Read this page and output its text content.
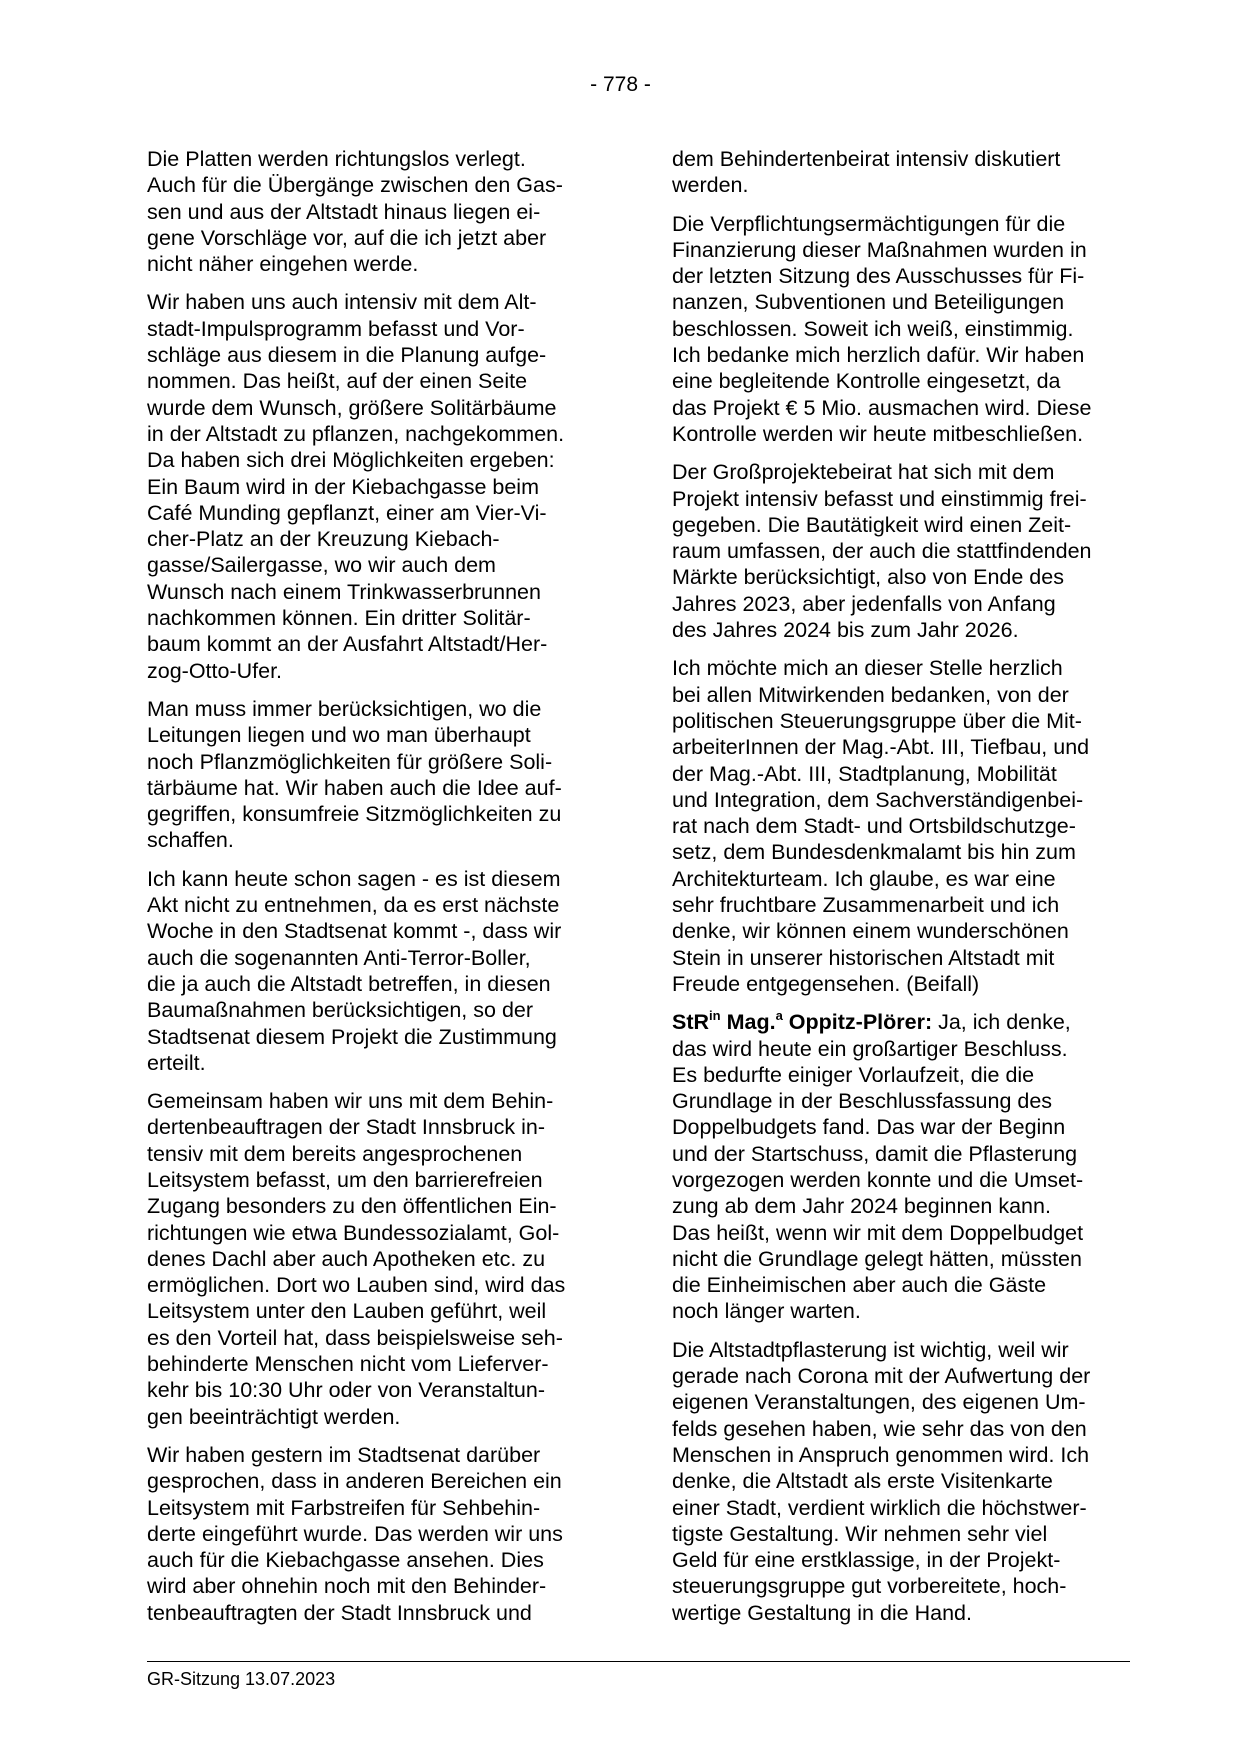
- 778 -

Die Platten werden richtungslos verlegt.
Auch für die Übergänge zwischen den Gas-
sen und aus der Altstadt hinaus liegen ei-
gene Vorschläge vor, auf die ich jetzt aber
nicht näher eingehen werde.

Wir haben uns auch intensiv mit dem Alt-
stadt-Impulsprogramm befasst und Vor-
schläge aus diesem in die Planung aufge-
nommen. Das heißt, auf der einen Seite
wurde dem Wunsch, größere Solitärbäume
in der Altstadt zu pflanzen, nachgekommen.
Da haben sich drei Möglichkeiten ergeben:
Ein Baum wird in der Kiebachgasse beim
Café Munding gepflanzt, einer am Vier-Vi-
cher-Platz an der Kreuzung Kiebach-
gasse/Sailergasse, wo wir auch dem
Wunsch nach einem Trinkwasserbrunnen
nachkommen können. Ein dritter Solitär-
baum kommt an der Ausfahrt Altstadt/Her-
zog-Otto-Ufer.

Man muss immer berücksichtigen, wo die
Leitungen liegen und wo man überhaupt
noch Pflanzmöglichkeiten für größere Soli-
tärbäume hat. Wir haben auch die Idee auf-
gegriffen, konsumfreie Sitzmöglichkeiten zu
schaffen.

Ich kann heute schon sagen - es ist diesem
Akt nicht zu entnehmen, da es erst nächste
Woche in den Stadtsenat kommt -, dass wir
auch die sogenannten Anti-Terror-Boller,
die ja auch die Altstadt betreffen, in diesen
Baumaßnahmen berücksichtigen, so der
Stadtsenat diesem Projekt die Zustimmung
erteilt.

Gemeinsam haben wir uns mit dem Behin-
dertenbeauftragen der Stadt Innsbruck in-
tensiv mit dem bereits angesprochenen
Leitsystem befasst, um den barrierefreien
Zugang besonders zu den öffentlichen Ein-
richtungen wie etwa Bundessozialamt, Gol-
denes Dachl aber auch Apotheken etc. zu
ermöglichen. Dort wo Lauben sind, wird das
Leitsystem unter den Lauben geführt, weil
es den Vorteil hat, dass beispielsweise seh-
behinderte Menschen nicht vom Lieferver-
kehr bis 10:30 Uhr oder von Veranstaltun-
gen beeinträchtigt werden.

Wir haben gestern im Stadtsenat darüber
gesprochen, dass in anderen Bereichen ein
Leitsystem mit Farbstreifen für Sehbehin-
derte eingeführt wurde. Das werden wir uns
auch für die Kiebachgasse ansehen. Dies
wird aber ohnehin noch mit den Behinder-
tenbeauftragten der Stadt Innsbruck und

dem Behindertenbeirat intensiv diskutiert
werden.

Die Verpflichtungsermächtigungen für die
Finanzierung dieser Maßnahmen wurden in
der letzten Sitzung des Ausschusses für Fi-
nanzen, Subventionen und Beteiligungen
beschlossen. Soweit ich weiß, einstimmig.
Ich bedanke mich herzlich dafür. Wir haben
eine begleitende Kontrolle eingesetzt, da
das Projekt € 5 Mio. ausmachen wird. Diese
Kontrolle werden wir heute mitbeschließen.

Der Großprojektebeirat hat sich mit dem
Projekt intensiv befasst und einstimmig frei-
gegeben. Die Bautätigkeit wird einen Zeit-
raum umfassen, der auch die stattfindenden
Märkte berücksichtigt, also von Ende des
Jahres 2023, aber jedenfalls von Anfang
des Jahres 2024 bis zum Jahr 2026.

Ich möchte mich an dieser Stelle herzlich
bei allen Mitwirkenden bedanken, von der
politischen Steuerungsgruppe über die Mit-
arbeiterInnen der Mag.-Abt. III, Tiefbau, und
der Mag.-Abt. III, Stadtplanung, Mobilität
und Integration, dem Sachverständigenbei-
rat nach dem Stadt- und Ortsbildschutzge-
setz, dem Bundesdenkmalamt bis hin zum
Architekturteam. Ich glaube, es war eine
sehr fruchtbare Zusammenarbeit und ich
denke, wir können einem wunderschönen
Stein in unserer historischen Altstadt mit
Freude entgegensehen. (Beifall)

StR$^{in}$ Mag.$^a$ Oppitz-Plörer: Ja, ich denke,
das wird heute ein großartiger Beschluss.
Es bedurfte einiger Vorlaufzeit, die die
Grundlage in der Beschlussfassung des
Doppelbudgets fand. Das war der Beginn
und der Startschuss, damit die Pflasterung
vorgezogen werden konnte und die Umset-
zung ab dem Jahr 2024 beginnen kann.
Das heißt, wenn wir mit dem Doppelbudget
nicht die Grundlage gelegt hätten, müssten
die Einheimischen aber auch die Gäste
noch länger warten.

Die Altstadtpflasterung ist wichtig, weil wir
gerade nach Corona mit der Aufwertung der
eigenen Veranstaltungen, des eigenen Um-
felds gesehen haben, wie sehr das von den
Menschen in Anspruch genommen wird. Ich
denke, die Altstadt als erste Visitenkarte
einer Stadt, verdient wirklich die höchstwer-
tigste Gestaltung. Wir nehmen sehr viel
Geld für eine erstklassige, in der Projekt-
steuerungsgruppe gut vorbereitete, hoch-
wertige Gestaltung in die Hand.

GR-Sitzung 13.07.2023
